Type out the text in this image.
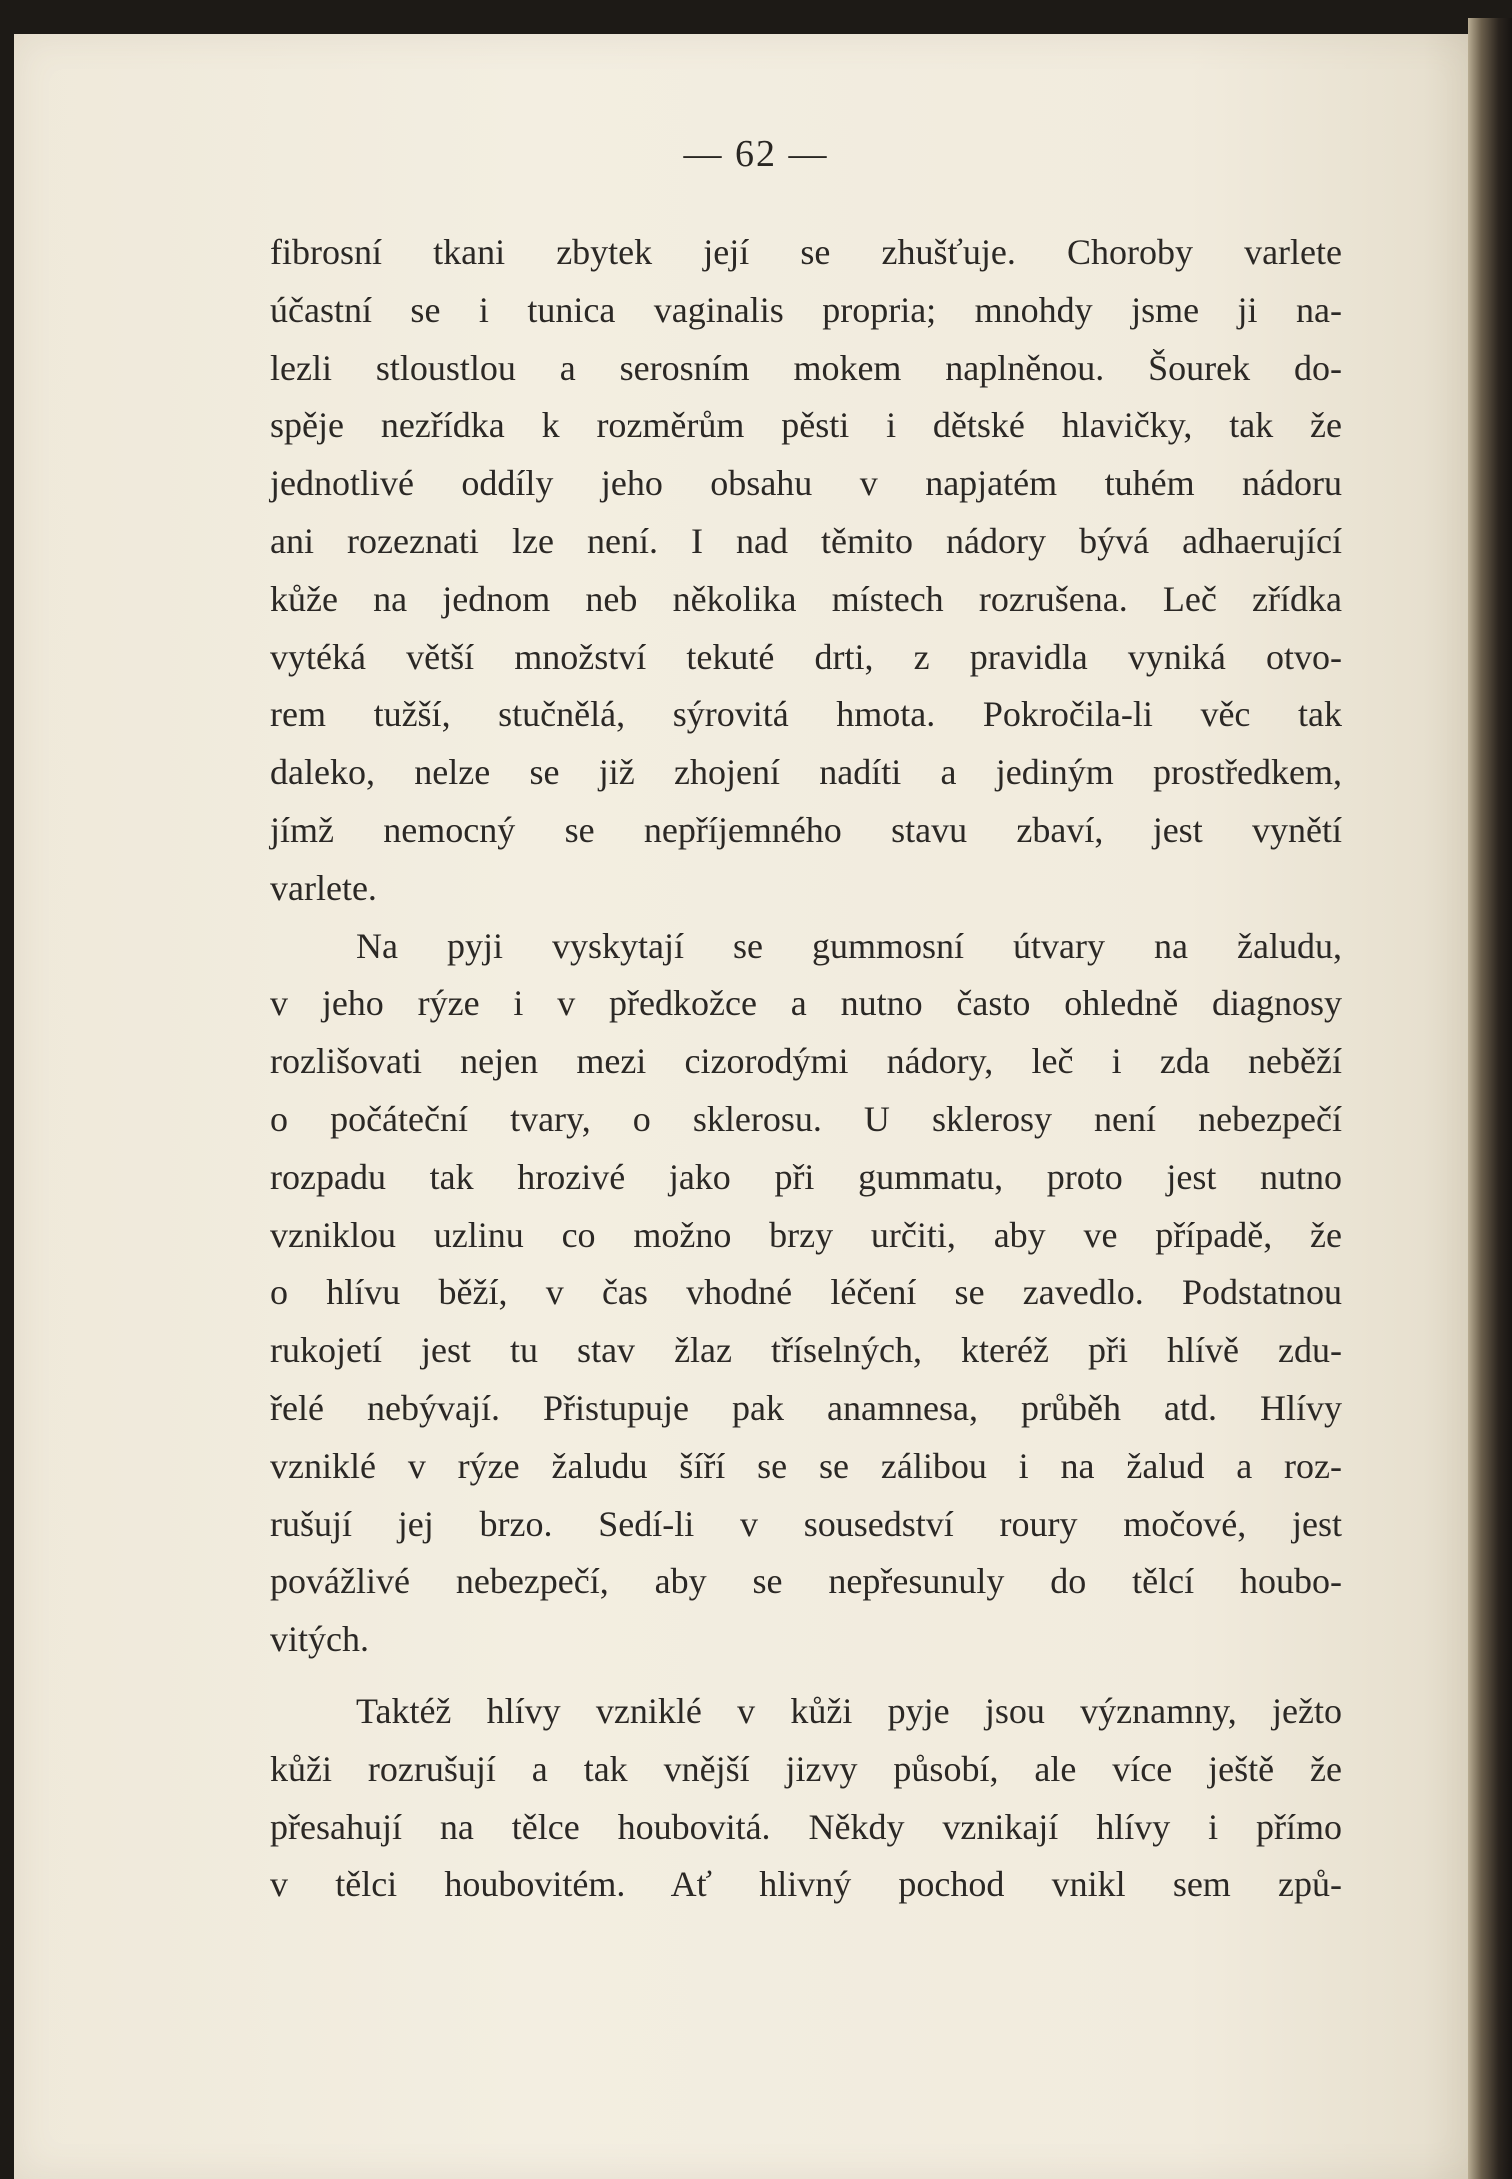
— 62 —
fibrosní tkani zbytek její se zhušťuje. Choroby varlete
účastní se i tunica vaginalis propria; mnohdy jsme ji na-
lezli stloustlou a serosním mokem naplněnou. Šourek do-
spěje nezřídka k rozměrům pěsti i dětské hlavičky, tak že
jednotlivé oddíly jeho obsahu v napjatém tuhém nádoru
ani rozeznati lze není. I nad těmito nádory bývá adhaerující
kůže na jednom neb několika místech rozrušena. Leč zřídka
vytéká větší množství tekuté drti, z pravidla vyniká otvo-
rem tužší, stučnělá, sýrovitá hmota. Pokročila-li věc tak
daleko, nelze se již zhojení nadíti a jediným prostředkem,
jímž nemocný se nepříjemného stavu zbaví, jest vynětí
varlete.
Na pyji vyskytají se gummosní útvary na žaludu,
v jeho rýze i v předkožce a nutno často ohledně diagnosy
rozlišovati nejen mezi cizorodými nádory, leč i zda neběží
o počáteční tvary, o sklerosu. U sklerosy není nebezpečí
rozpadu tak hrozivé jako při gummatu, proto jest nutno
vzniklou uzlinu co možno brzy určiti, aby ve případě, že
o hlívu běží, v čas vhodné léčení se zavedlo. Podstatnou
rukojetí jest tu stav žlaz tříselných, kteréž při hlívě zdu-
řelé nebývají. Přistupuje pak anamnesa, průběh atd. Hlívy
vzniklé v rýze žaludu šíří se se zálibou i na žalud a roz-
rušují jej brzo. Sedí-li v sousedství roury močové, jest
povážlivé nebezpečí, aby se nepřesunuly do tělcí houbo-
vitých.
Taktéž hlívy vzniklé v kůži pyje jsou významny, ježto
kůži rozrušují a tak vnější jizvy působí, ale více ještě že
přesahují na tělce houbovitá. Někdy vznikají hlívy i přímo
v tělci houbovitém. Ať hlivný pochod vnikl sem způ-
